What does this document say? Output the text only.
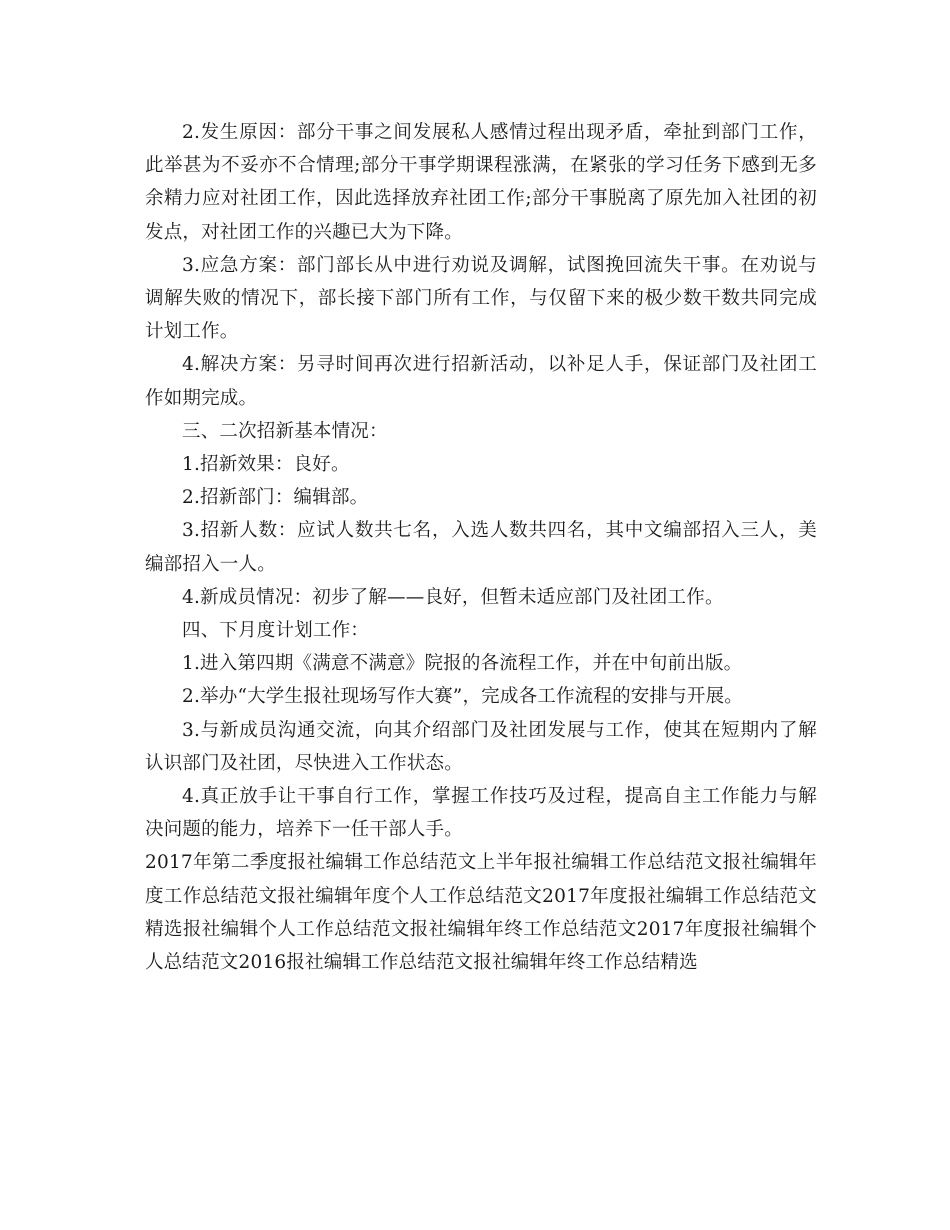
2.发生原因：部分干事之间发展私人感情过程出现矛盾，牵扯到部门工作，此举甚为不妥亦不合情理;部分干事学期课程涨满，在紧张的学习任务下感到无多余精力应对社团工作，因此选择放弃社团工作;部分干事脱离了原先加入社团的初发点，对社团工作的兴趣已大为下降。

3.应急方案：部门部长从中进行劝说及调解，试图挽回流失干事。在劝说与调解失败的情况下，部长接下部门所有工作，与仅留下来的极少数干数共同完成计划工作。

4.解决方案：另寻时间再次进行招新活动，以补足人手，保证部门及社团工作如期完成。

三、二次招新基本情况：

1.招新效果：良好。

2.招新部门：编辑部。

3.招新人数：应试人数共七名，入选人数共四名，其中文编部招入三人，美编部招入一人。

4.新成员情况：初步了解——良好，但暂未适应部门及社团工作。

四、下月度计划工作：

1.进入第四期《满意不满意》院报的各流程工作，并在中旬前出版。

2.举办“大学生报社现场写作大赛”，完成各工作流程的安排与开展。

3.与新成员沟通交流，向其介绍部门及社团发展与工作，使其在短期内了解认识部门及社团，尽快进入工作状态。

4.真正放手让干事自行工作，掌握工作技巧及过程，提高自主工作能力与解决问题的能力，培养下一任干部人手。

2017年第二季度报社编辑工作总结范文上半年报社编辑工作总结范文报社编辑年度工作总结范文报社编辑年度个人工作总结范文2017年度报社编辑工作总结范文精选报社编辑个人工作总结范文报社编辑年终工作总结范文2017年度报社编辑个人总结范文2016报社编辑工作总结范文报社编辑年终工作总结精选
